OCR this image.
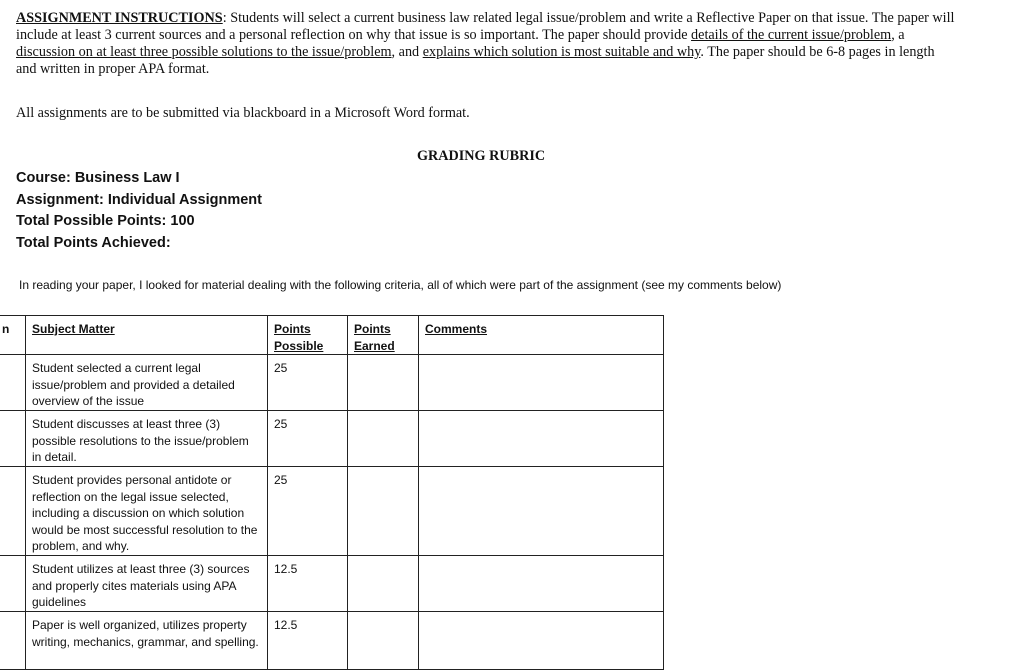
ASSIGNMENT INSTRUCTIONS: Students will select a current business law related legal issue/problem and write a Reflective Paper on that issue. The paper will include at least 3 current sources and a personal reflection on why that issue is so important. The paper should provide details of the current issue/problem, a discussion on at least three possible solutions to the issue/problem, and explains which solution is most suitable and why. The paper should be 6-8 pages in length and written in proper APA format.
All assignments are to be submitted via blackboard in a Microsoft Word format.
GRADING RUBRIC
Course: Business Law I
Assignment: Individual Assignment
Total Possible Points: 100
Total Points Achieved:
In reading your paper, I looked for material dealing with the following criteria, all of which were part of the assignment (see my comments below)
n	Subject Matter	Points Possible	Points Earned	Comments

	Student selected a current legal issue/problem and provided a detailed overview of the issue	25		

	Student discusses at least three (3) possible resolutions to the issue/problem in detail.	25		

	Student provides personal antidote or reflection on the legal issue selected, including a discussion on which solution would be most successful resolution to the problem, and why.	25		

	Student utilizes at least three (3) sources and properly cites materials using APA guidelines	12.5		

	Paper is well organized, utilizes property writing, mechanics, grammar, and spelling.	12.5		
